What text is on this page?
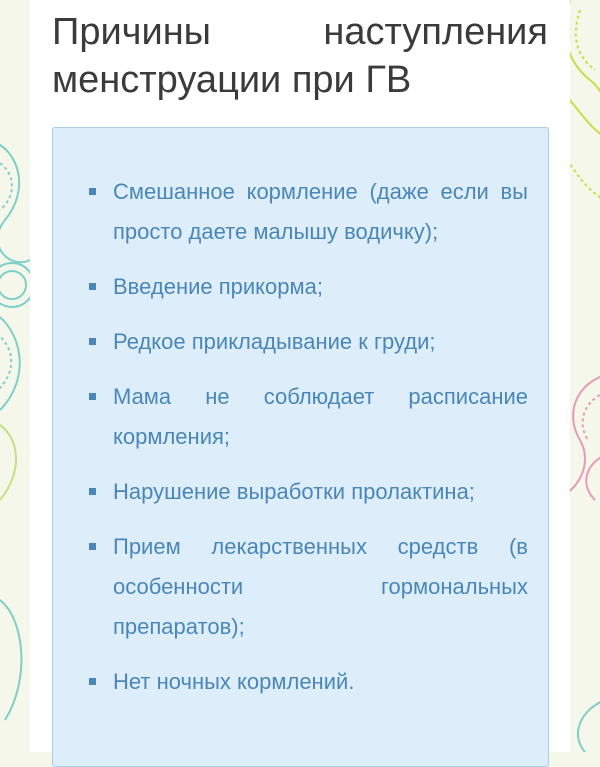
Причины наступления менструации при ГВ
Смешанное кормление (даже если вы просто даете малышу водичку);
Введение прикорма;
Редкое прикладывание к груди;
Мама не соблюдает расписание кормления;
Нарушение выработки пролактина;
Прием лекарственных средств (в особенности гормональных препаратов);
Нет ночных кормлений.
